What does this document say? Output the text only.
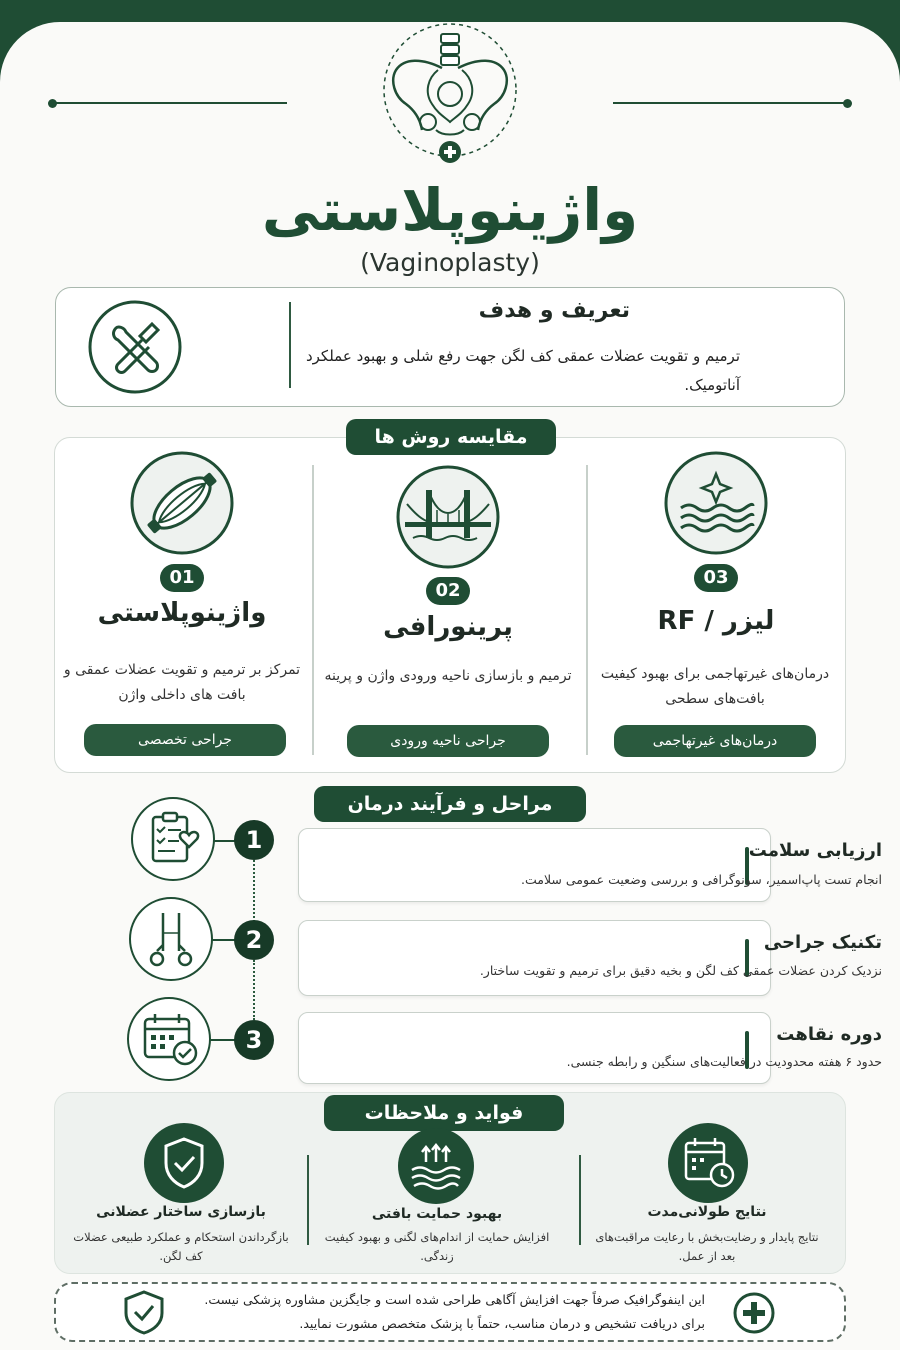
واژینوپلاستی
(Vaginoplasty)
تعریف و هدف
ترمیم و تقویت عضلات عمقی کف لگن جهت رفع شلی و بهبود عملکرد آناتومیک.
مقایسه روش ها
01
واژینوپلاستی
تمرکز بر ترمیم و تقویت عضلات عمقی و بافت های داخلی واژن
جراحی تخصصی
02
پرینورافی
ترمیم و بازسازی ناحیه ورودی واژن و پرینه
جراحی ناحیه ورودی
03
لیزر / RF
درمان‌های غیرتهاجمی برای بهبود کیفیت بافت‌های سطحی
درمان‌های غیرتهاجمی
مراحل و فرآیند درمان
1	ارزیابی سلامت
انجام تست پاپ‌اسمیر، سونوگرافی و بررسی وضعیت عمومی سلامت.
2	تکنیک جراحی
نزدیک کردن عضلات عمقی کف لگن و بخیه دقیق برای ترمیم و تقویت ساختار.
3	دوره نقاهت
حدود ۶ هفته محدودیت در فعالیت‌های سنگین و رابطه جنسی.
فواید و ملاحظات
بازسازی ساختار عضلانی
بازگرداندن استحکام و عملکرد طبیعی عضلات کف لگن.
بهبود حمایت بافتی
افزایش حمایت از اندام‌های لگنی و بهبود کیفیت زندگی.
نتایج طولانی‌مدت
نتایج پایدار و رضایت‌بخش با رعایت مراقبت‌های بعد از عمل.
این اینفوگرافیک صرفاً جهت افزایش آگاهی طراحی شده است و جایگزین مشاوره پزشکی نیست.
برای دریافت تشخیص و درمان مناسب، حتماً با پزشک متخصص مشورت نمایید.
